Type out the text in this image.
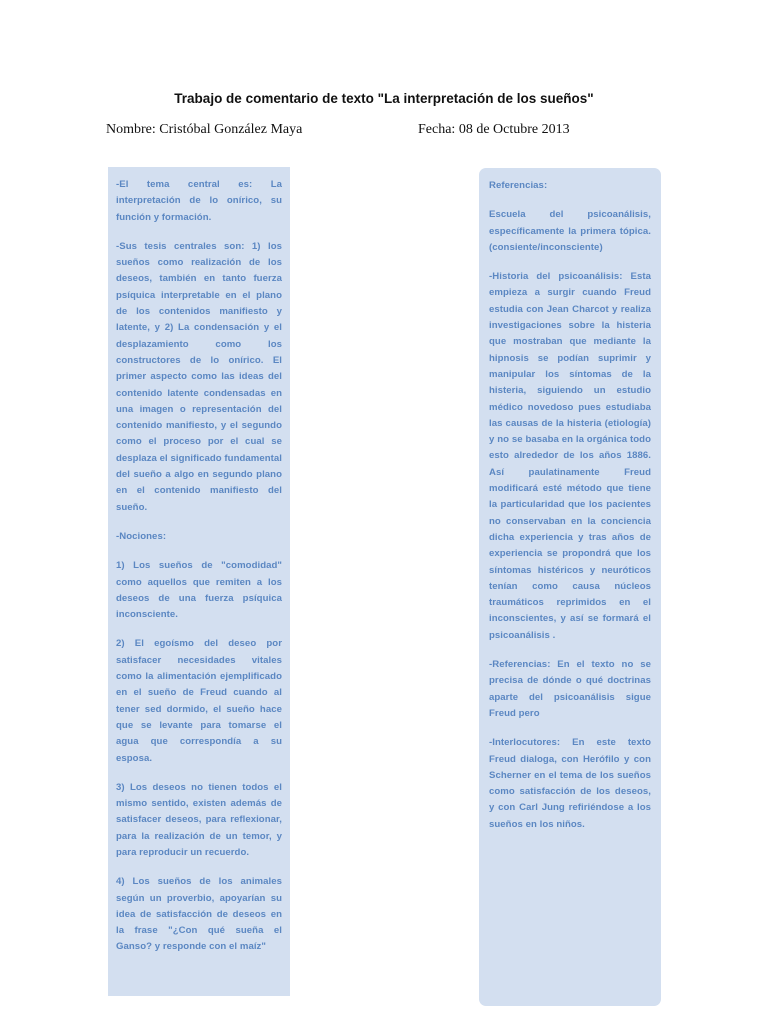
Trabajo de comentario de texto "La interpretación de los sueños"
Nombre: Cristóbal González Maya	Fecha: 08 de Octubre 2013

-El tema central es: La interpretación de lo onírico, su función y formación.

-Sus tesis centrales son: 1) los sueños como realización de los deseos, también en tanto fuerza psíquica interpretable en el plano de los contenidos manifiesto y latente, y 2) La condensación y el desplazamiento como los constructores de lo onírico. El primer aspecto como las ideas del contenido latente condensadas en una imagen o representación del contenido manifiesto, y el segundo como el proceso por el cual se desplaza el significado fundamental del sueño a algo en segundo plano en el contenido manifiesto del sueño.

-Nociones:

1) Los sueños de "comodidad" como aquellos que remiten a los deseos de una fuerza psíquica inconsciente.

2) El egoísmo del deseo por satisfacer necesidades vitales como la alimentación ejemplificado en el sueño de Freud cuando al tener sed dormido, el sueño hace que se levante para tomarse el agua que correspondía a su esposa.

3) Los deseos no tienen todos el mismo sentido, existen además de satisfacer deseos, para reflexionar, para la realización de un temor, y para reproducir un recuerdo.

4) Los sueños de los animales según un proverbio, apoyarían su idea de satisfacción de deseos en la frase "¿Con qué sueña el Ganso? y responde con el maíz"

Referencias:

Escuela del psicoanálisis, específicamente la primera tópica. (consiente/inconsciente)

-Historia del psicoanálisis: Esta empieza a surgir cuando Freud estudia con Jean Charcot y realiza investigaciones sobre la histeria que mostraban que mediante la hipnosis se podían suprimir y manipular los síntomas de la histeria, siguiendo un estudio médico novedoso pues estudiaba las causas de la histeria (etiología) y no se basaba en la orgánica todo esto alrededor de los años 1886. Así paulatinamente Freud modificará esté método que tiene la particularidad que los pacientes no conservaban en la conciencia dicha experiencia y tras años de experiencia se propondrá que los síntomas histéricos y neuróticos tenían como causa núcleos traumáticos reprimidos en el inconscientes, y así se formará el psicoanálisis .

-Referencias: En el texto no se precisa de dónde o qué doctrinas aparte del psicoanálisis sigue Freud pero

-Interlocutores: En este texto Freud dialoga, con Herófilo y con Scherner en el tema de los sueños como satisfacción de los deseos, y con Carl Jung refiriéndose a los sueños en los niños.
